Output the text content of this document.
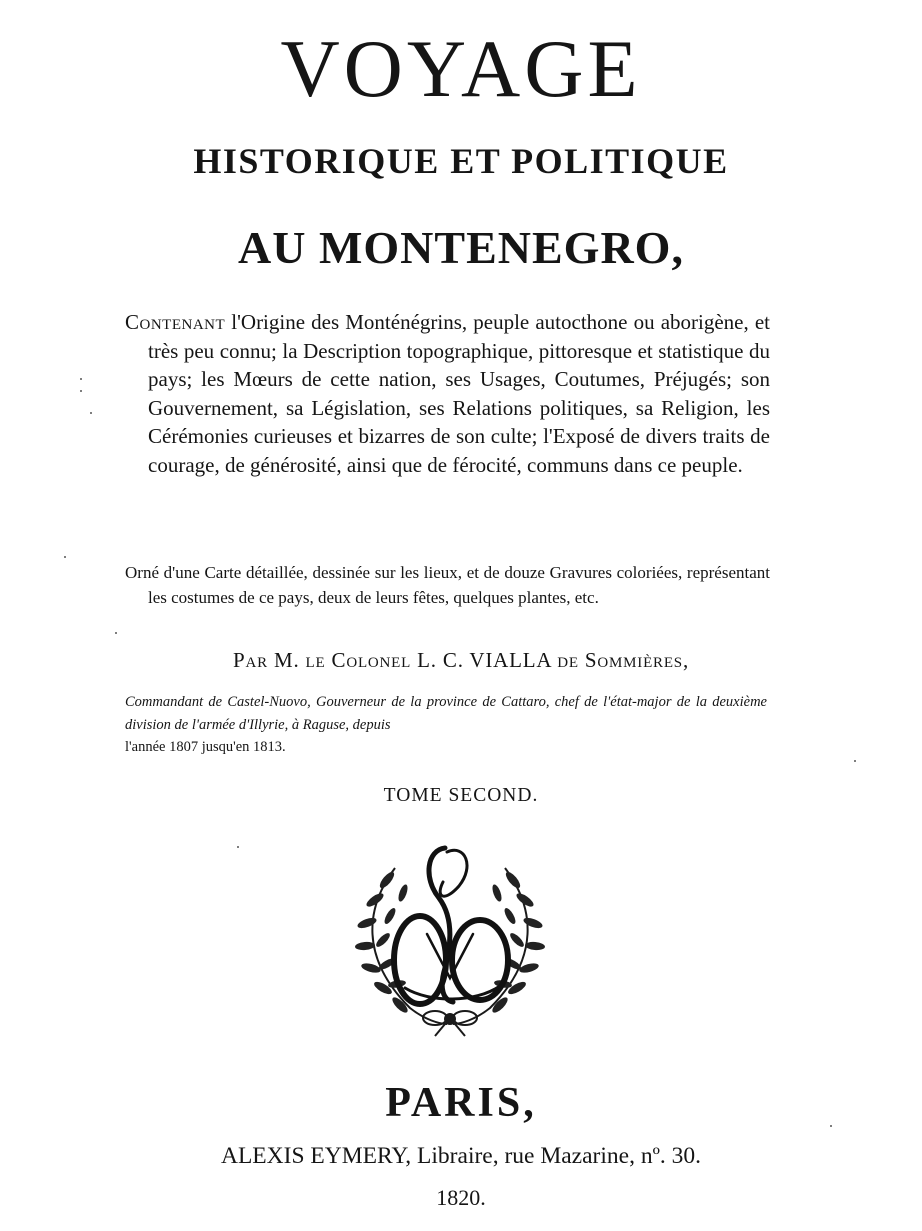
VOYAGE
HISTORIQUE ET POLITIQUE
AU MONTENEGRO,
Contenant l'Origine des Monténégrins, peuple autocthone ou aborigène, et très peu connu; la Description topographique, pittoresque et statistique du pays; les Mœurs de cette nation, ses Usages, Coutumes, Préjugés; son Gouvernement, sa Législation, ses Relations politiques, sa Religion, les Cérémonies curieuses et bizarres de son culte; l'Exposé de divers traits de courage, de générosité, ainsi que de férocité, communs dans ce peuple.
Orné d'une Carte détaillée, dessinée sur les lieux, et de douze Gravures coloriées, représentant les costumes de ce pays, deux de leurs fêtes, quelques plantes, etc.
Par M. le Colonel L. C. VIALLA de Sommières,
Commandant de Castel-Nuovo, Gouverneur de la province de Cattaro, chef de l'état-major de la deuxième division de l'armée d'Illyrie, à Raguse, depuis
l'année 1807 jusqu'en 1813.
TOME SECOND.
PARIS,
ALEXIS EYMERY, Libraire, rue Mazarine, nº. 30.
1820.
